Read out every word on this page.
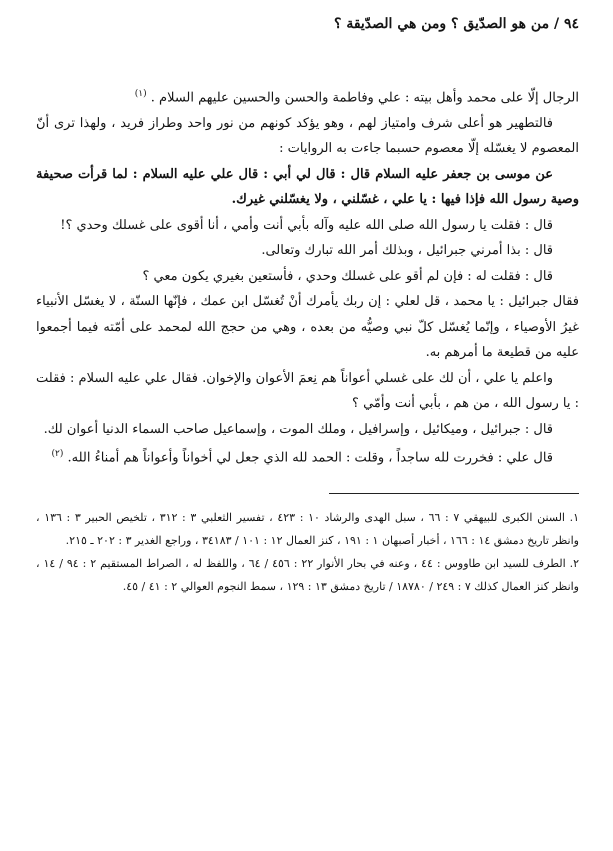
٩٤ / من هو الصدّيق ؟ ومن هي الصدّيقة ؟

الرجال إلّا على محمد وأهل بيته : علي وفاطمة والحسن والحسين عليهم السلام . $^{(١)}$

فالتطهير هو أعلى شرف وامتياز لهم ، وهو يؤكد كونهم من نور واحد وطراز فريد ، ولهذا ترى أنّ المعصوم لا يغسّله إلّا معصوم حسبما جاءت به الروايات :

عن موسى بن جعفر عليه السلام قال : قال لي أبي : قال علي عليه السلام : لما قرأت صحيفة وصية رسول الله فإذا فيها : يا علي ، غسّلني ، ولا يغسّلني غيرك.

قال : فقلت يا رسول الله صلى الله عليه وآله بأبي أنت وأمي ، أنا أقوى على غسلك وحدي ؟!

قال : بذا أمرني جبرائيل ، وبذلك أمر الله تبارك وتعالى.

قال : فقلت له : فإن لم أقو على غسلك وحدي ، فأستعين بغيري يكون معي ؟

فقال جبرائيل : يا محمد ، قل لعلي : إن ربك يأمرك أنْ تُغسّل ابن عمك ، فإنّها السنّة ، لا يغسّل الأنبياء غيرُ الأوصياء ، وإنّما يُغسّل كلّ نبي وصيُّه من بعده ، وهي من حجج الله لمحمد على أمّته فيما أجمعوا عليه من قطيعة ما أمرهم به.

واعلم يا علي ، أن لك على غسلي أعواناً هم نِعمَ الأعوان والإخوان. فقال علي عليه السلام : فقلت : يا رسول الله ، من هم ، بأبي أنت وأمّي ؟

قال : جبرائيل ، وميكائيل ، وإسرافيل ، وملك الموت ، وإسماعيل صاحب السماء الدنيا أعوان لك.

قال علي : فخررت لله ساجداً ، وقلت : الحمد لله الذي جعل لي أخواناً وأعواناً هم أمناءُ الله. $^{(٢)}$

١. السنن الكبرى للبيهقي ٧ : ٦٦ ، سبل الهدى والرشاد ١٠ : ٤٢٣ ، تفسير الثعلبي ٣ : ٣١٢ ، تلخيص الحبير ٣ : ١٣٦ ، وانظر تاريخ دمشق ١٤ : ١٦٦ ، أخبار أصبهان ١ : ١٩١ ، كنز العمال ١٢ : ١٠١ / ٣٤١٨٣ ، وراجع الغدير ٣ : ٢٠٢ ـ ٢١٥.

٢. الطرف للسيد ابن طاووس : ٤٤ ، وعنه في بحار الأنوار ٢٢ : ٤٥٦ / ٦٤ ، واللفظ له ، الصراط المستقيم ٢ : ٩٤ / ١٤ ، وانظر كنز العمال كذلك ٧ : ٢٤٩ / ١٨٧٨٠ / تاريخ دمشق ١٣ : ١٢٩ ، سمط النجوم العوالي ٢ : ٤١ / ٤٥.
